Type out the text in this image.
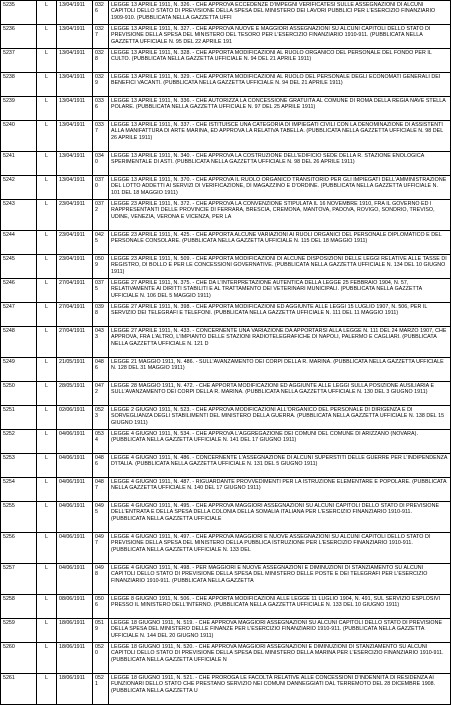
5235	L	13/04/1911	0326	LEGGE 13 APRILE 1911, N. 326. - CHE APPROVA ECCEDENZE D'IMPEGNI VERIFICATESI SULLE ASSEGNAZIONI DI ALCUNI CAPITOLI DELLO STATO DI PREVISIONE DELLA SPESA DEL MINISTERO DEI LAVORI PUBBLICI PER L'ESERCIZIO FINANZIARIO 1909-910. (PUBBLICATA NELLA GAZZETTA UFFI
5236	L	13/04/1911	0327	LEGGE 13 APRILE 1911, N. 327. - CHE APPROVA NUOVE E MAGGIORI ASSEGNAZIONI SU ALCUNI CAPITOLI DELLO STATO DI PREVISIONE DELLA SPESA DEL MINISTERO DEL TESORO PER L'ESERCIZIO FINANZIARIO 1910-911. (PUBBLICATA NELLA GAZZETTA UFFICIALE N. 95 DEL 22 APRILE 191
5237	L	13/04/1911	0328	LEGGE 13 APRILE 1911, N. 328. - CHE APPORTA MODIFICAZIONI AL RUOLO ORGANICO DEL PERSONALE DEL FONDO PER IL CULTO. (PUBBLICATA NELLA GAZZETTA UFFICIALE N. 94 DEL 21 APRILE 1911)
5238	L	13/04/1911	0329	LEGGE 13 APRILE 1911, N. 329. - CHE APPORTA MODIFICAZIONI AL RUOLO DEL PERSONALE DEGLI ECONOMATI GENERALI DEI BENEFICI VACANTI. (PUBBLICATA NELLA GAZZETTA UFFICIALE N. 94 DEL 21 APRILE 1911)
5239	L	13/04/1911	0336	LEGGE 13 APRILE 1911, N. 336. - CHE AUTORIZZA LA CONCESSIONE GRATUITA AL COMUNE DI ROMA DELLA REGIA NAVE STELLA POLARE. (PUBBLICATA NELLA GAZZETTA UFFICIALE N. 97 DEL 25 APRILE 1911)
5240	L	13/04/1911	0337	LEGGE 13 APRILE 1911, N. 337. - CHE ISTITUISCE UNA CATEGORIA DI IMPIEGATI CIVILI CON LA DENOMINAZIONE DI ASSISTENTI ALLA MANIFATTURA DI ARTE MARINA, ED APPROVA LA RELATIVA TABELLA. (PUBBLICATA NELLA GAZZETTA UFFICIALE N. 98 DEL 26 APRILE 1911)
5241	L	13/04/1911	0340	LEGGE 13 APRILE 1911, N. 340. - CHE APPROVA LA COSTRUZIONE DELL'EDIFICIO SEDE DELLA R. STAZIONE ENOLOGICA SPERIMENTALE DI ASTI. (PUBBLICATA NELLA GAZZETTA UFFICIALE N. 98 DEL 26 APRILE 1911)
5242	L	13/04/1911	0370	LEGGE 13 APRILE 1911, N. 370. - CHE APPROVA IL RUOLO ORGANICO TRANSITORIO PER GLI IMPIEGATI DELL'AMMINISTRAZIONE DEL LOTTO ADDETTI AI SERVIZI DI VERIFICAZIONE, DI MAGAZZINO E D'ORDINE. (PUBBLICATA NELLA GAZZETTA UFFICIALE N. 101 DEL 18 MAGGIO 1911)
5243	L	23/04/1911	0372	LEGGE 23 APRILE 1911, N. 372. - CHE APPROVA LA CONVENZIONE STIPULATA IL 16 NOVEMBRE 1910, FRA IL GOVERNO ED I RAPPRESENTANTI DELLE PROVINCIE DI FERRARA, BRESCIA, CREMONA, MANTOVA, PADOVA, ROVIGO, SONDRIO, TREVISO, UDINE, VENEZIA, VERONA E VICENZA, PER LA
5244	L	23/04/1911	0425	LEGGE 23 APRILE 1911, N. 425. - CHE APPORTA ALCUNE VARIAZIONI AI RUOLI ORGANICI DEL PERSONALE DIPLOMATICO E DEL PERSONALE CONSOLARE. (PUBBLICATA NELLA GAZZETTA UFFICIALE N. 115 DEL 18 MAGGIO 1911)
5245	L	23/04/1911	0509	LEGGE 23 APRILE 1911, N. 509. - CHE APPORTA MODIFICAZIONI DI ALCUNE DISPOSIZIONI DELLE LEGGI RELATIVE ALLE TASSE DI REGISTRO, DI BOLLO E PER LE CONCESSIONI GOVERNATIVE. (PUBBLICATA NELLA GAZZETTA UFFICIALE N. 134 DEL 10 GIUGNO 1911)
5246	L	27/04/1911	0375	LEGGE 27 APRILE 1911, N. 375. - CHE DA L'INTERPRETAZIONE AUTENTICA DELLA LEGGE 25 FEBBRAIO 1904, N. 57, RELATIVAMENTE AI DIRITTI STABILITI E AL TRATTAMENTO DEI VETERINARI MUNICIPALI. (PUBBLICATA NELLA GAZZETTA UFFICIALE N. 106 DEL 5 MAGGIO 1911)
5247	L	27/04/1911	0398	LEGGE 27 APRILE 1911, N. 398. - CHE APPORTA MODIFICAZIONI ED AGGIUNTE ALLE LEGGI 15 LUGLIO 1907, N. 506, PER IL SERVIZIO DEI TELEGRAFI E TELEFONI. (PUBBLICATA NELLA GAZZETTA UFFICIALE N. 111 DEL 11 MAGGIO 1911)
5248	L	27/04/1911	0433	LEGGE 27 APRILE 1911, N. 433. - CONCERNENTE UNA VARIAZIONE DA APPORTARSI ALLA LEGGE N. 111 DEL 24 MARZO 1907, CHE APPROVA, FRA L'ALTRO, L'IMPIANTO DELLE STAZIONI RADIOTELEGRAFICHE DI NAPOLI, PALERMO E CAGLIARI. (PUBBLICATA NELLA GAZZETTA UFFICIALE N. 121 D
5249	L	21/05/1911	0486	LEGGE 21 MAGGIO 1911, N. 486. - SULL'AVANZAMENTO DEI CORPI DELLA R. MARINA. (PUBBLICATA NELLA GAZZETTA UFFICIALE N. 128 DEL 31 MAGGIO 1911)
5250	L	28/05/1911	0472	LEGGE 28 MAGGIO 1911, N. 472. - CHE APPORTA MODIFICAZIONI ED AGGIUNTE ALLE LEGGI SULLA POSIZIONE AUSILIARIA E SULL'AVANZAMENTO DEI CORPI DELLA R. MARINA. (PUBBLICATA NELLA GAZZETTA UFFICIALE N. 130 DEL 3 GIUGNO 1911)
5251	L	02/06/1911	0523	LEGGE 2 GIUGNO 1911, N. 523. - CHE APPROVA MODIFICAZIONI ALL'ORGANICO DEL PERSONALE DI DIRIGENZA E DI SORVEGLIANZA DEGLI STABILIMENTI DEL MINISTERO DELLA GUERRA. (PUBBLICATA NELLA GAZZETTA UFFICIALE N. 138 DEL 15 GIUGNO 1911)
5252	L	04/06/1911	0534	LEGGE 4 GIUGNO 1911, N. 534. - CHE APPROVA L'AGGREGAZIONE DEI COMUNI DEL COMUNE DI ARIZZANO (NOVARA). (PUBBLICATA NELLA GAZZETTA UFFICIALE N. 141 DEL 17 GIUGNO 1911)
5253	L	04/06/1911	0486	LEGGE 4 GIUGNO 1911, N. 486. - CONCERNENTE L'ASSEGNAZIONE DI ALCUNI SUPERSTITI DELLE GUERRE PER L'INDIPENDENZA D'ITALIA. (PUBBLICATA NELLA GAZZETTA UFFICIALE N. 131 DEL 5 GIUGNO 1911)
5254	L	04/06/1911	0487	LEGGE 4 GIUGNO 1911, N. 487. - RIGUARDANTE PROVVEDIMENTI PER LA ISTRUZIONE ELEMENTARE E POPOLARE. (PUBBLICATA NELLA GAZZETTA UFFICIALE N. 140 DEL 17 GIUGNO 1911)
5255	L	04/06/1911	0495	LEGGE 4 GIUGNO 1911, N. 495. - CHE APPROVA MAGGIORI ASSEGNAZIONI SU ALCUNI CAPITOLI DELLO STATO DI PREVISIONE DELL'ENTRATA E DELLA SPESA DELLA COLONIA DELLA SOMALIA ITALIANA PER L'ESERCIZIO FINANZIARIO 1910-911. (PUBBLICATA NELLA GAZZETTA UFFICIALE
5256	L	04/06/1911	0497	LEGGE 4 GIUGNO 1911, N. 497. - CHE APPROVA MAGGIORI E NUOVE ASSEGNAZIONI SU ALCUNI CAPITOLI DELLO STATO DI PREVISIONE DELLA SPESA DEL MINISTERO DELLA PUBBLICA ISTRUZIONE PER L'ESERCIZIO FINANZIARIO 1910-911. (PUBBLICATA NELLA GAZZETTA UFFICIALE N. 133 DEL
5257	L	04/06/1911	0498	LEGGE 4 GIUGNO 1911, N. 498. - PER MAGGIORI E NUOVE ASSEGNAZIONI E DIMINUZIONI DI STANZIAMENTO SU ALCUNI CAPITOLI DELLO STATO DI PREVISIONE DELLA SPESA DEL MINISTERO DELLE POSTE E DEI TELEGRAFI PER L'ESERCIZIO FINANZIARIO 1910-911. (PUBBLICATA NELLA GAZZETTA
5258	L	08/06/1911	0506	LEGGE 8 GIUGNO 1911, N. 506. - CHE APPORTA MODIFICAZIONI ALLE LEGGE 11 LUGLIO 1904, N. 491, SUL SERVIZIO ESPLOSIVI PRESSO IL MINISTERO DELL'INTERNO. (PUBBLICATA NELLA GAZZETTA UFFICIALE N. 133 DEL 10 GIUGNO 1911)
5259	L	18/06/1911	0519	LEGGE 18 GIUGNO 1911, N. 519. - CHE APPROVA MAGGIORI ASSEGNAZIONI SU ALCUNI CAPITOLI DELLO STATO DI PREVISIONE DELLA SPESA DEL MINISTERO DELLE FINANZE PER L'ESERCIZIO FINANZIARIO 1910-911. (PUBBLICATA NELLA GAZZETTA UFFICIALE N. 144 DEL 20 GIUGNO 1911)
5260	L	18/06/1911	0520	LEGGE 18 GIUGNO 1911, N. 520. - CHE APPROVA MAGGIORI ASSEGNAZIONI E DIMINUZIONI DI STANZIAMENTO SU ALCUNI CAPITOLI DELLO STATO DI PREVISIONE DELLA SPESA DEL MINISTERO DELLA MARINA PER L'ESERCIZIO FINANZIARIO 1910-911. (PUBBLICATA NELLA GAZZETTA UFFICIALE N
5261	L	18/06/1911	0521	LEGGE 18 GIUGNO 1911, N. 521. - CHE PROROGA LE FACOLTÀ RELATIVE ALLE CONCESSIONI D'INDENNITÀ DI RESIDENZA AI FUNZIONARI DELLO STATO CHE PRESTANO SERVIZIO NEI COMUNI DANNEGGIATI DAL TERREMOTO DEL 28 DICEMBRE 1908. (PUBBLICATA NELLA GAZZETTA U
